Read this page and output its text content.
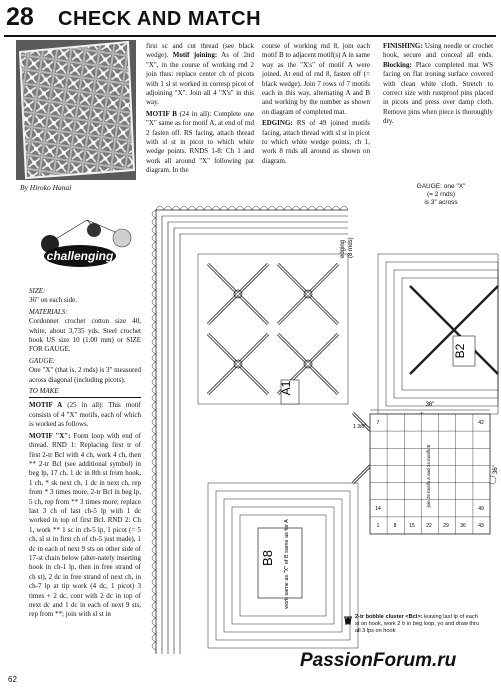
28 CHECK AND MATCH
By Hiroko Hanai
challenging
SIZE:

36" on each side.

MATERIALS:

Cordonnet crochet cotton size 40, white, about 3,735 yds. Steel crochet hook US size 10 (1.00 mm) or SIZE FOR GAUGE.

GAUGE:

One "X" (that is, 2 rnds) is 3" measured across diagonal (including picots).

TO MAKE

MOTIF A (25 in all): This motif consists of 4 "X" motifs, each of which is worked as follows.

MOTIF "X": Form loop with end of thread. RND 1: Replacing first tr of first 2-tr Bcl with 4 ch, work 4 ch, then ** 2-tr Bcl (see additional symbol) in beg lp, 17 ch, 1 dc in 8th st from hook, 1 ch, * sk next ch, 1 dc in next ch, rep from * 3 times more, 2-tr Bcl in beg lp, 5 ch, rep from ** 3 times more; replace last 3 ch of last ch-5 lp with 1 dc worked in top of first Bcl. RND 2: Ch 1, work ** 1 sc in ch-5 lp, 1 picot (= 5 ch, sl st in first ch of ch-5 just made), 1 dc in each of next 9 sts on other side of 17-st chain below (alter-nately inserting hook in ch-1 lp, then in free strand of ch st), 2 dc in free strand of next ch, in ch-7 lp at tip work (4 dc, 1 picot) 3 times + 2 dc, cont with 2 dc in top of next dc and 1 dc in each of next 9 sts, rep from **; join with sl st in

first sc and cut thread (see black wedge). Motif joining: As of 2nd "X", in the course of working rnd 2 join thus: replace center ch of picots with 1 sl st worked in corresp picot of adjoining "X". Join all 4 "X's" in this way.

MOTIF B (24 in all): Complete one "X" same as for motif A, at end of rnd 2 fasten off. RS facing, attach thread with sl st in picot to which white wedge points. RNDS 1-8: Ch 1 and work all around "X" following pat diagram. In the

course of working rnd 8, join each motif B to adjacent motif(s) A in same way as the "X's" of motif A were joined. At end of rnd 8, fasten off (= black wedge). Join 7 rows of 7 motifs each in this way, alternating A and B and working by the number as shown on diagram of completed mat.

EDGING: RS of 49 joined motifs facing, attach thread with sl st in picot to which white wedge points, ch 1, work 8 rnds all around as shown on diagram.

FINISHING: Using needle or crochet hook, secure and conceal all ends. Blocking: Place completed mat WS facing on flat ironing surface covered with clean white cloth. Stretch to correct size with rustproof pins placed in picots and press over damp cloth. Remove pins when piece is thoroughly dry.

GAUGE: one "X"
(= 2 rnds)
is 3" across
edging (8 rnds)
A1
B2
B8 work same as "X" of B same as for A
36"
1 3/8"
36"
1	8	15 22 29 36 43
14	49
7	42
join 25 motifs A and 24 motifs B
2-tr bobble cluster <Bcl>: leaving last lp of each st on hook, work 2 tr in beg loop, yo and draw thru all 3 lps on hook
PassionForum.ru
62
